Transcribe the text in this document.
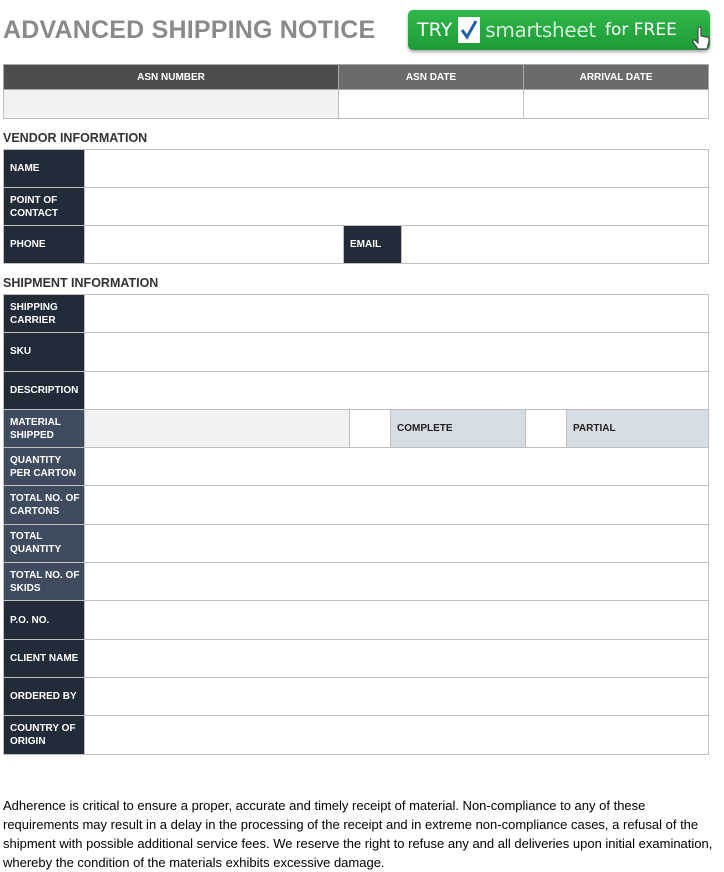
ADVANCED SHIPPING NOTICE TRY smartsheet for FREE
ASN NUMBER	ASN DATE	ARRIVAL DATE

VENDOR INFORMATION
NAME			
POINT OF CONTACT			
PHONE		EMAIL	
SHIPMENT INFORMATION
SHIPPING CARRIER					
SKU					
DESCRIPTION					
MATERIAL SHIPPED			COMPLETE		PARTIAL
QUANTITY PER CARTON					
TOTAL NO. OF CARTONS					
TOTAL QUANTITY					
TOTAL NO. OF SKIDS					
P.O. NO.					
CLIENT NAME					
ORDERED BY					
COUNTRY OF ORIGIN					
Adherence is critical to ensure a proper, accurate and timely receipt of material. Non-compliance to any of these requirements may result in a delay in the processing of the receipt and in extreme non-compliance cases, a refusal of the shipment with possible additional service fees. We reserve the right to refuse any and all deliveries upon initial examination, whereby the condition of the materials exhibits excessive damage.
